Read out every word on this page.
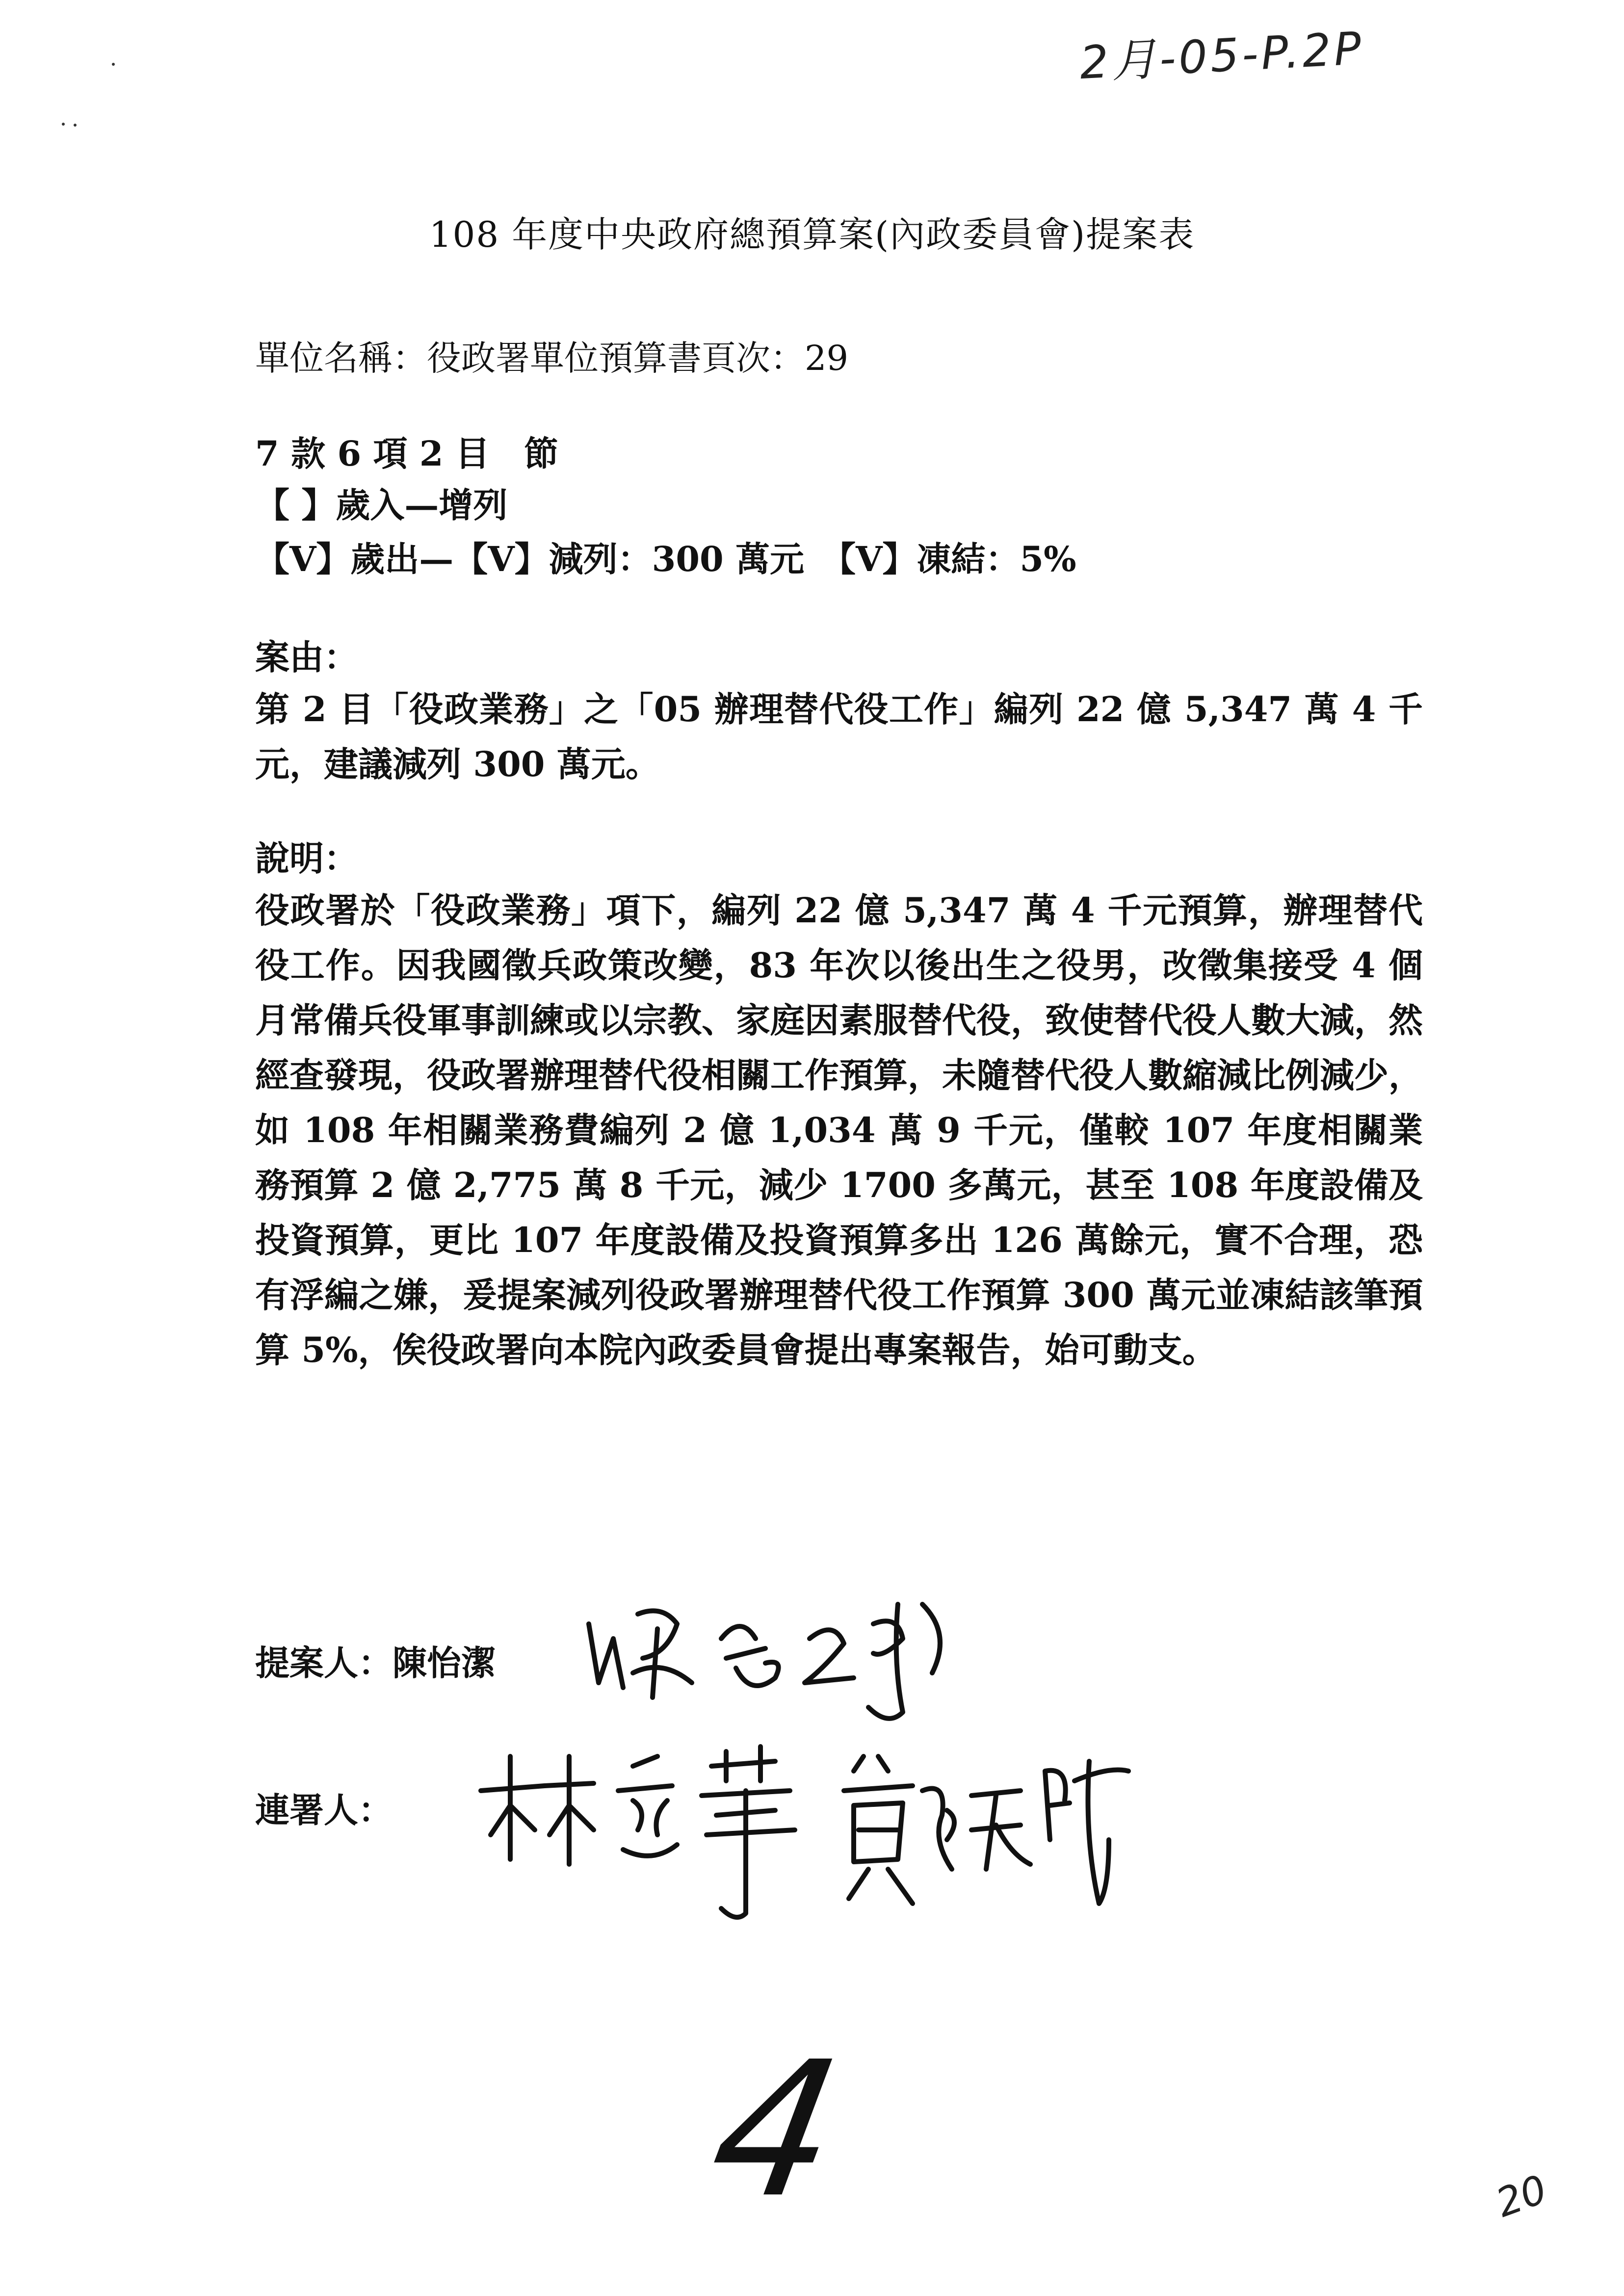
2月-05-P.2P
108 年度中央政府總預算案(內政委員會)提案表
單位名稱：役政署單位預算書頁次：29
7 款 6 項 2 目　節
【 】歲入—增列
【V】歲出—【V】減列：300 萬元　【V】凍結：5%
案由：
第 2 目「役政業務」之「05 辦理替代役工作」編列 22 億 5,347 萬 4 千元，建議減列 300 萬元。
說明：
役政署於「役政業務」項下，編列 22 億 5,347 萬 4 千元預算，辦理替代役工作。因我國徵兵政策改變，83 年次以後出生之役男，改徵集接受 4 個月常備兵役軍事訓練或以宗教、家庭因素服替代役，致使替代役人數大減，然經查發現，役政署辦理替代役相關工作預算，未隨替代役人數縮減比例減少，如 108 年相關業務費編列 2 億 1,034 萬 9 千元，僅較 107 年度相關業務預算 2 億 2,775 萬 8 千元，減少 1700 多萬元，甚至 108 年度設備及投資預算，更比 107 年度設備及投資預算多出 126 萬餘元，實不合理，恐有浮編之嫌，爰提案減列役政署辦理替代役工作預算 300 萬元並凍結該筆預算 5%，俟役政署向本院內政委員會提出專案報告，始可動支。
提案人：陳怡潔
連署人：
4	20
